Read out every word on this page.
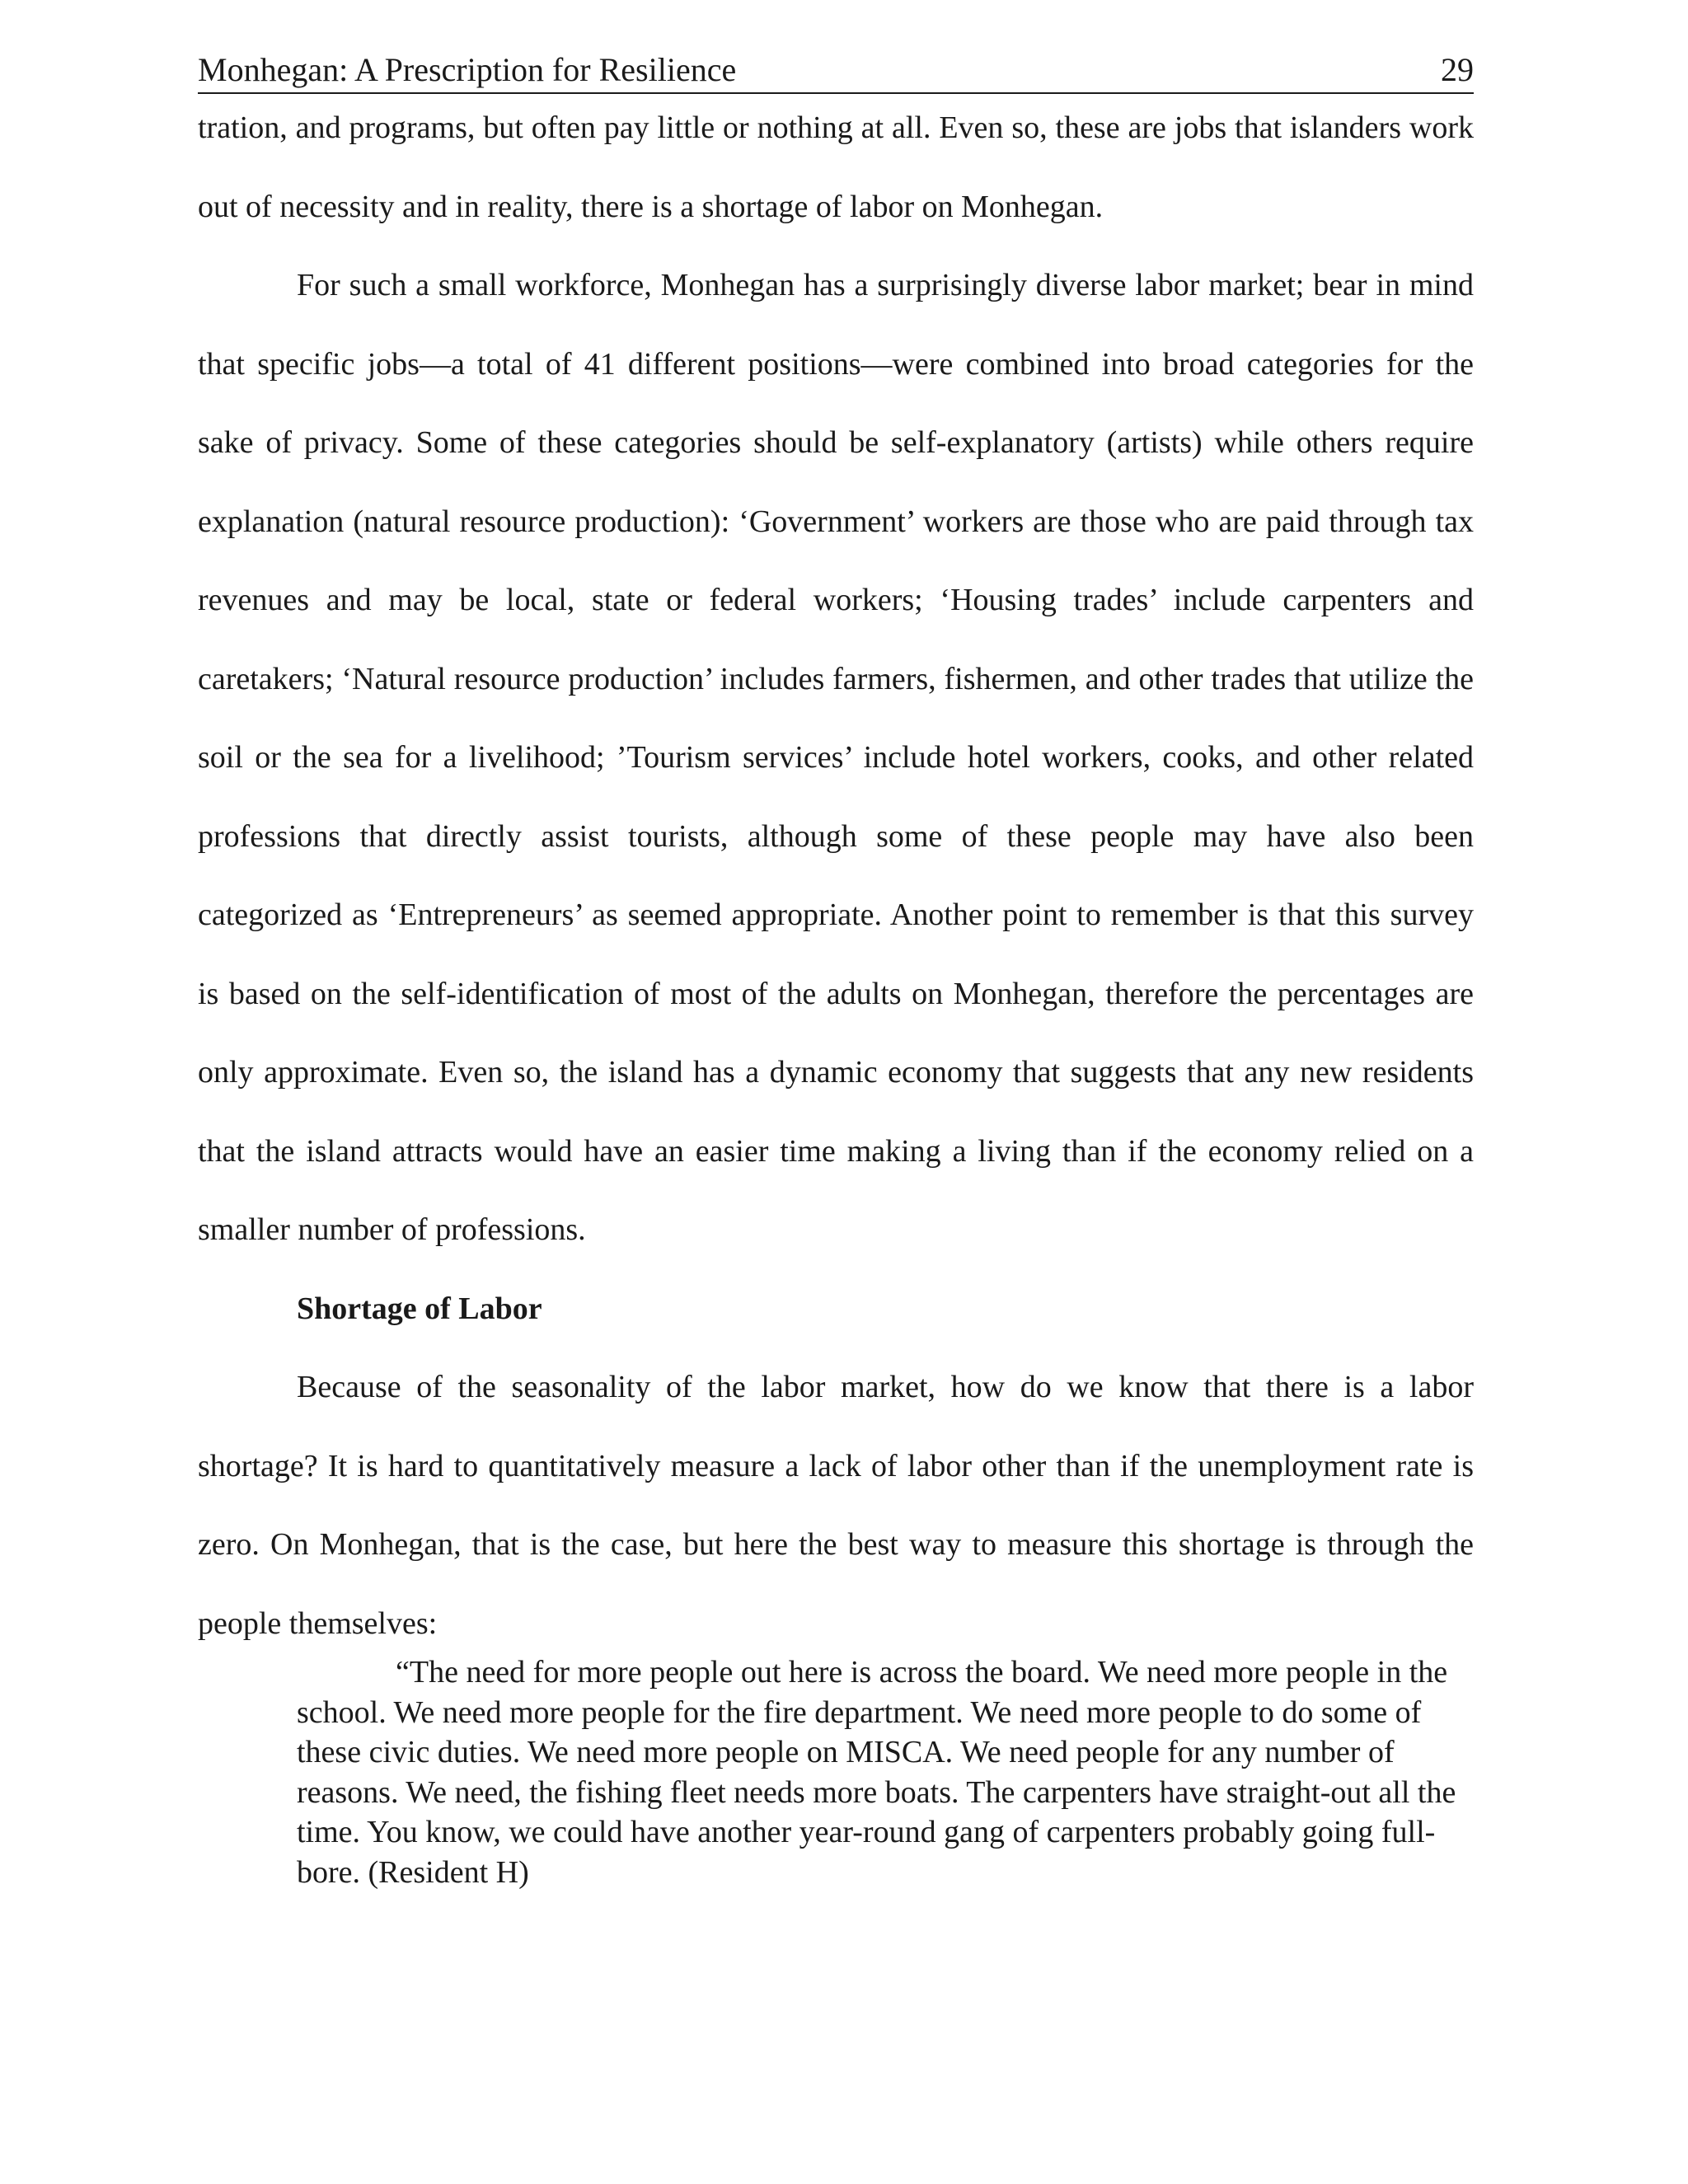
Monhegan: A Prescription for Resilience	29

tration, and programs, but often pay little or nothing at all. Even so, these are jobs that islanders work out of necessity and in reality, there is a shortage of labor on Monhegan.

For such a small workforce, Monhegan has a surprisingly diverse labor market; bear in mind that specific jobs—a total of 41 different positions—were combined into broad categories for the sake of privacy. Some of these categories should be self-explanatory (artists) while others require explanation (natural resource production): ‘Government’ workers are those who are paid through tax revenues and may be local, state or federal workers; ‘Housing trades’ include carpenters and caretakers; ‘Natural resource production’ includes farmers, fishermen, and other trades that utilize the soil or the sea for a livelihood; ’Tourism services’ include hotel workers, cooks, and other related professions that directly assist tourists, although some of these people may have also been categorized as ‘Entrepreneurs’ as seemed appropriate. Another point to remember is that this survey is based on the self-identification of most of the adults on Monhegan, therefore the percentages are only approximate. Even so, the island has a dynamic economy that suggests that any new residents that the island attracts would have an easier time making a living than if the economy relied on a smaller number of professions.

Shortage of Labor

Because of the seasonality of the labor market, how do we know that there is a labor shortage? It is hard to quantitatively measure a lack of labor other than if the unemployment rate is zero. On Monhegan, that is the case, but here the best way to measure this shortage is through the people themselves:

“The need for more people out here is across the board. We need more people in the school. We need more people for the fire department. We need more people to do some of these civic duties. We need more people on MISCA. We need people for any number of reasons. We need, the fishing fleet needs more boats. The carpenters have straight-out all the time. You know, we could have another year-round gang of carpenters probably going full-bore. (Resident H)
